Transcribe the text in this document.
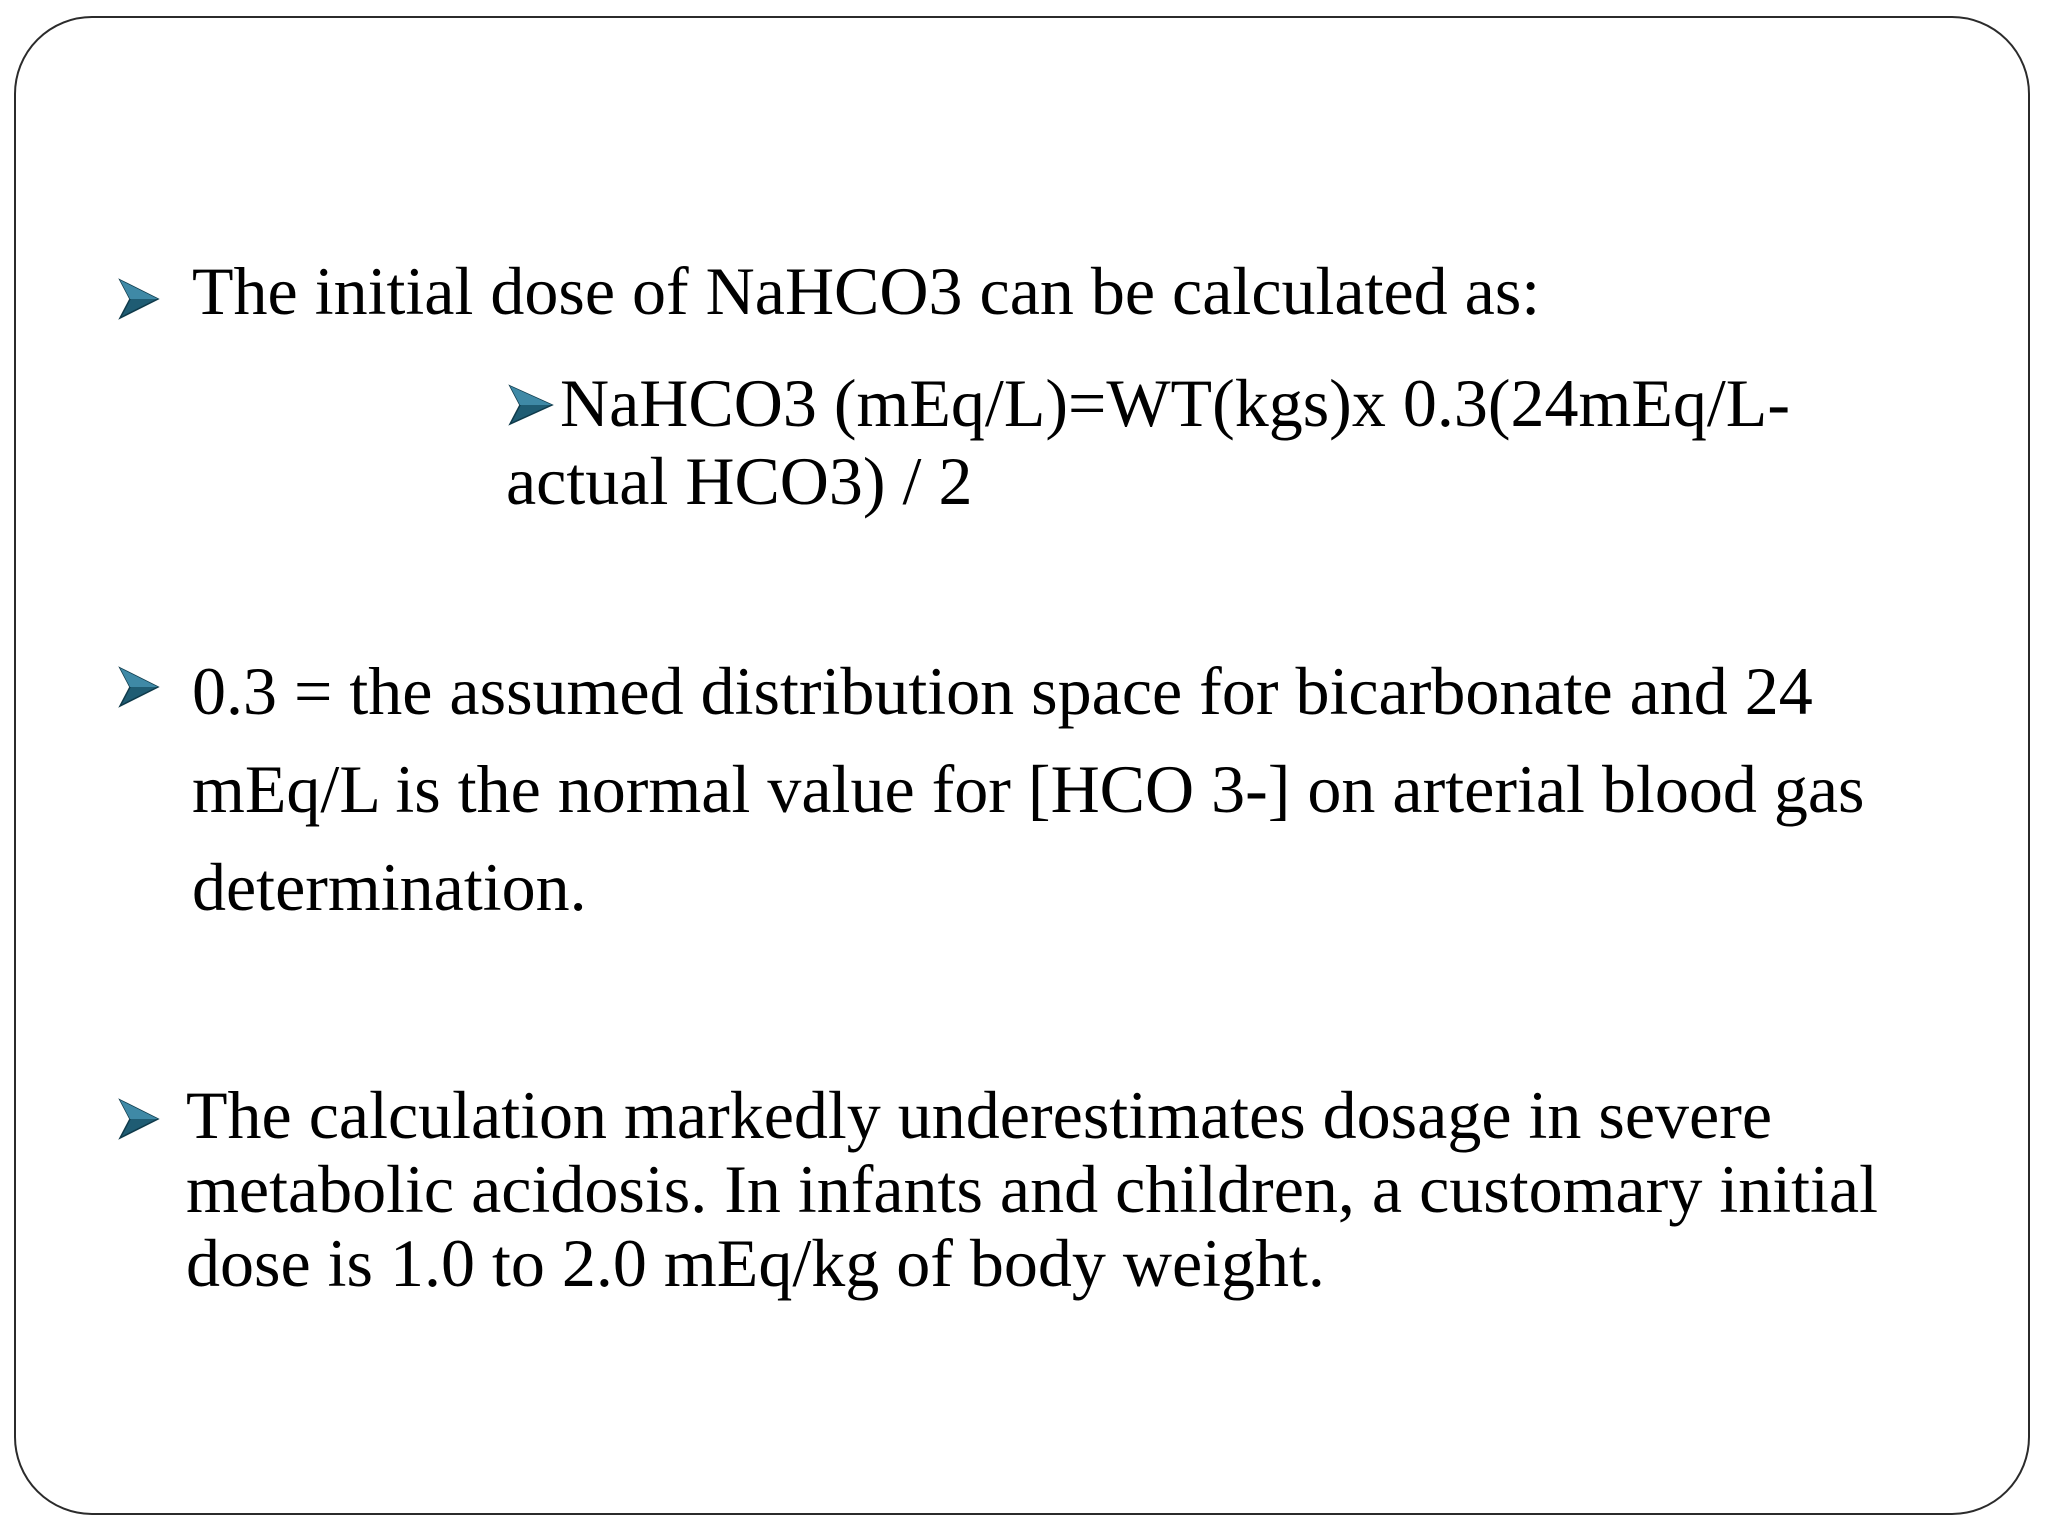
The initial dose of NaHCO3 can be calculated as:
NaHCO3 (mEq/L)=WT(kgs)x 0.3(24mEq/L-
actual HCO3) / 2
0.3 = the assumed distribution space for bicarbonate and 24
mEq/L is the normal value for [HCO 3-] on arterial blood gas
determination.
The calculation markedly underestimates dosage in severe
metabolic acidosis. In infants and children, a customary initial
dose is 1.0 to 2.0 mEq/kg of body weight.
